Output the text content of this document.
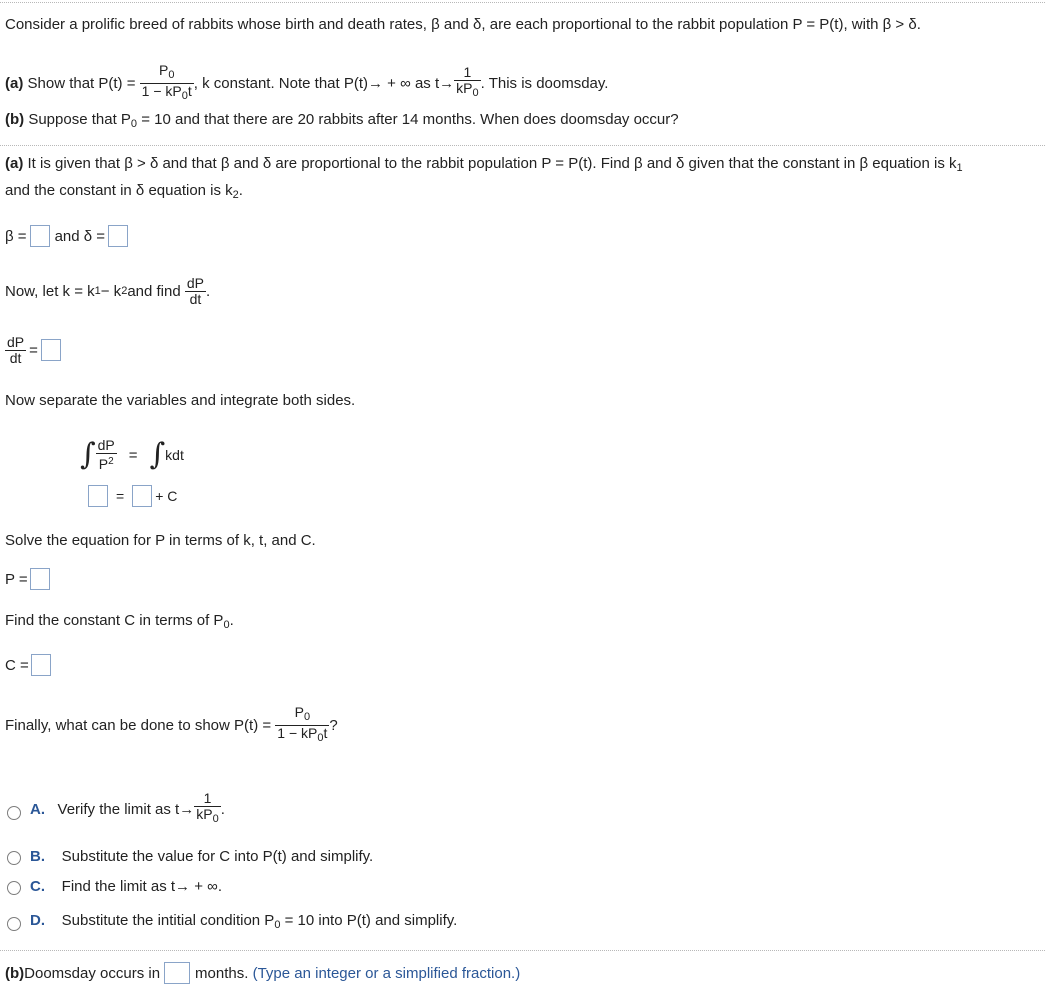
Consider a prolific breed of rabbits whose birth and death rates, β and δ, are each proportional to the rabbit population P = P(t), with β > δ.
(a)
Show that P(t) =
$\frac{P_0}{1 - kP_0t}$ , k constant. Note that P(t)→ + ∞ as $t\to \frac{1}{kP_0}$ . This is doomsday.
(b) Suppose that $P_0 = 10$ and that there are 20 rabbits after 14 months. When does doomsday occur?
(a) It is given that β > δ and that β and δ are proportional to the rabbit population P = P(t). Find β and δ given that the constant in β equation is $k_1$
and the constant in δ equation is $k_2$.
β = and δ =
Now, let k = k 1 − k 2 and find
$\frac{dP}{dt}$ .
$\frac{dP}{dt}$ =
Now separate the variables and integrate both sides.
∫ $\frac{dP}{P^2}$ = ∫ kdt
= + C
Solve the equation for P in terms of k, t, and C.
P =
Find the constant C in terms of $P_0$.
C =
Finally, what can be done to show P(t) =
$\frac{P_0}{1 - kP_0t}$ ?
A.
Verify the limit as $t\to \frac{1}{kP_0}$ .
B. Substitute the value for C into P(t) and simplify.
C. Find the limit as t→ + ∞.
D. Substitute the intitial condition $P_0 = 10$ into P(t) and simplify.
(b) Doomsday occurs in months.
(Type an integer or a simplified fraction.)
